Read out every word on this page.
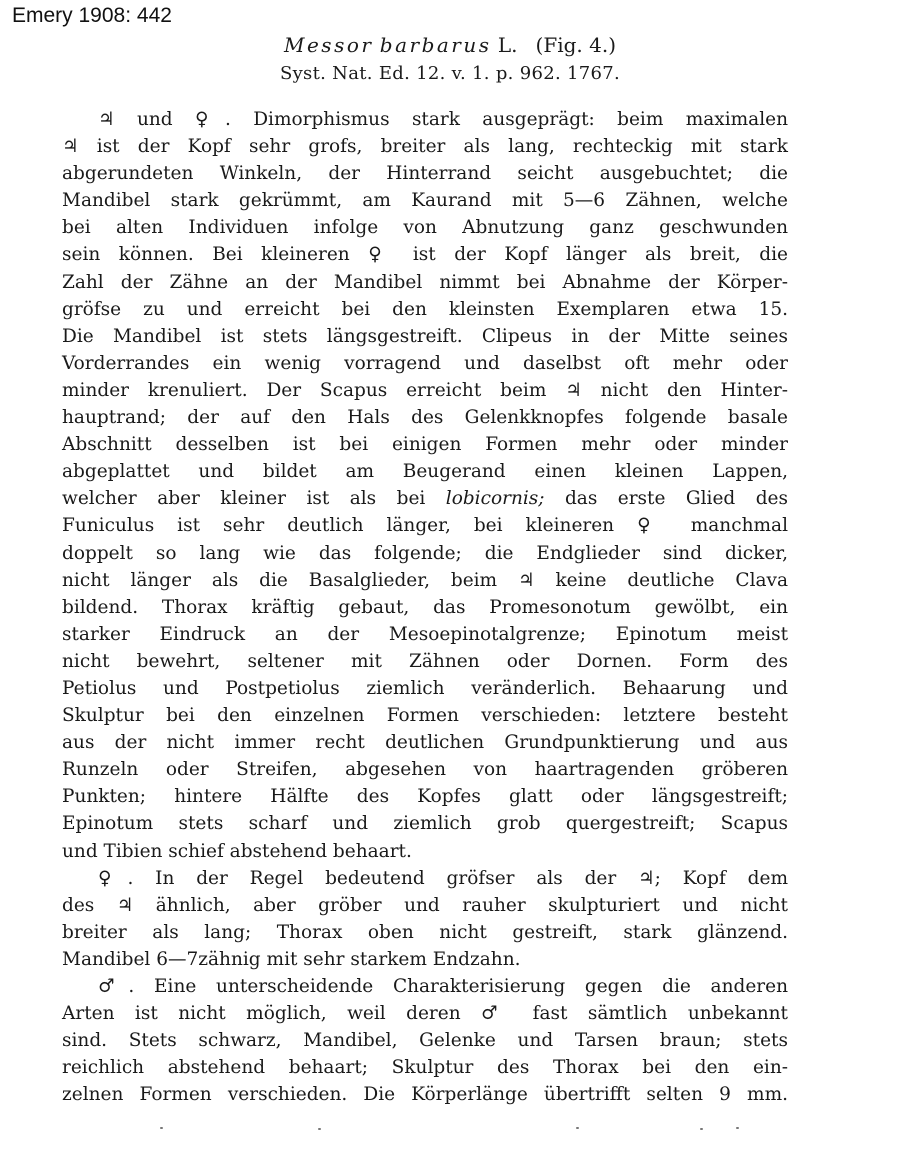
Emery 1908: 442
Messor barbarus L. (Fig. 4.)
Syst. Nat. Ed. 12. v. 1. p. 962. 1767.
♃ und ♀. Dimorphismus stark ausgeprägt: beim maximalen
♃ ist der Kopf sehr grofs, breiter als lang, rechteckig mit stark
abgerundeten Winkeln, der Hinterrand seicht ausgebuchtet; die
Mandibel stark gekrümmt, am Kaurand mit 5—6 Zähnen, welche
bei alten Individuen infolge von Abnutzung ganz geschwunden
sein können. Bei kleineren ♀ ist der Kopf länger als breit, die
Zahl der Zähne an der Mandibel nimmt bei Abnahme der Körper-
gröfse zu und erreicht bei den kleinsten Exemplaren etwa 15.
Die Mandibel ist stets längsgestreift. Clipeus in der Mitte seines
Vorderrandes ein wenig vorragend und daselbst oft mehr oder
minder krenuliert. Der Scapus erreicht beim ♃ nicht den Hinter-
hauptrand; der auf den Hals des Gelenkknopfes folgende basale
Abschnitt desselben ist bei einigen Formen mehr oder minder
abgeplattet und bildet am Beugerand einen kleinen Lappen,
welcher aber kleiner ist als bei lobicornis; das erste Glied des
Funiculus ist sehr deutlich länger, bei kleineren ♀ manchmal
doppelt so lang wie das folgende; die Endglieder sind dicker,
nicht länger als die Basalglieder, beim ♃ keine deutliche Clava
bildend. Thorax kräftig gebaut, das Promesonotum gewölbt, ein
starker Eindruck an der Mesoepinotalgrenze; Epinotum meist
nicht bewehrt, seltener mit Zähnen oder Dornen. Form des
Petiolus und Postpetiolus ziemlich veränderlich. Behaarung und
Skulptur bei den einzelnen Formen verschieden: letztere besteht
aus der nicht immer recht deutlichen Grundpunktierung und aus
Runzeln oder Streifen, abgesehen von haartragenden gröberen
Punkten; hintere Hälfte des Kopfes glatt oder längsgestreift;
Epinotum stets scharf und ziemlich grob quergestreift; Scapus
und Tibien schief abstehend behaart.
♀. In der Regel bedeutend gröfser als der ♃; Kopf dem
des ♃ ähnlich, aber gröber und rauher skulpturiert und nicht
breiter als lang; Thorax oben nicht gestreift, stark glänzend.
Mandibel 6—7zähnig mit sehr starkem Endzahn.
♂. Eine unterscheidende Charakterisierung gegen die anderen
Arten ist nicht möglich, weil deren ♂ fast sämtlich unbekannt
sind. Stets schwarz, Mandibel, Gelenke und Tarsen braun; stets
reichlich abstehend behaart; Skulptur des Thorax bei den ein-
zelnen Formen verschieden. Die Körperlänge übertrifft selten 9 mm.
